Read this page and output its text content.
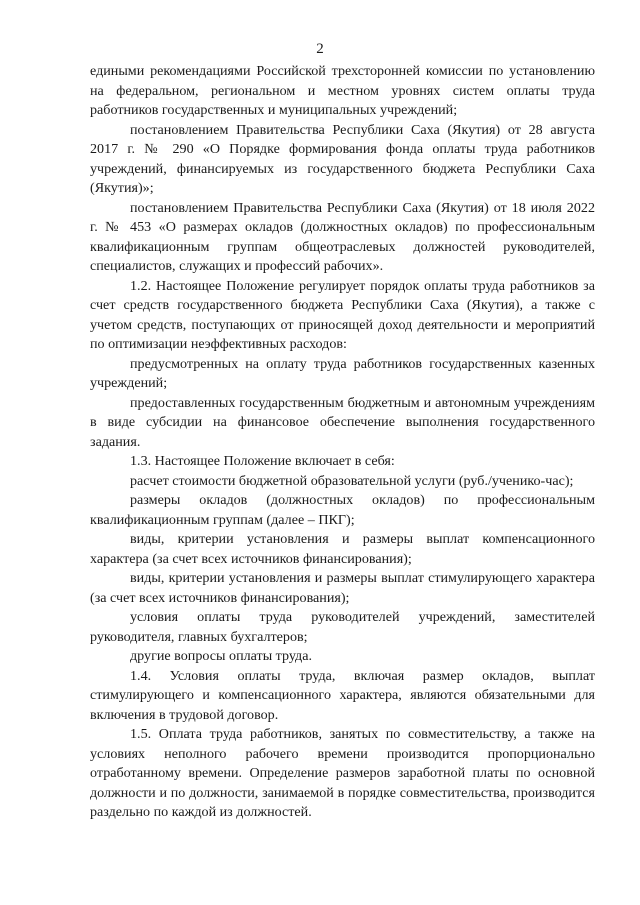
2

едиными рекомендациями Российской трехсторонней комиссии по установлению на федеральном, региональном и местном уровнях систем оплаты труда работников государственных и муниципальных учреждений;

постановлением Правительства Республики Саха (Якутия) от 28 августа 2017 г. № 290 «О Порядке формирования фонда оплаты труда работников учреждений, финансируемых из государственного бюджета Республики Саха (Якутия)»;

постановлением Правительства Республики Саха (Якутия) от 18 июля 2022 г. № 453 «О размерах окладов (должностных окладов) по профессиональным квалификационным группам общеотраслевых должностей руководителей, специалистов, служащих и профессий рабочих».

1.2. Настоящее Положение регулирует порядок оплаты труда работников за счет средств государственного бюджета Республики Саха (Якутия), а также с учетом средств, поступающих от приносящей доход деятельности и мероприятий по оптимизации неэффективных расходов:

предусмотренных на оплату труда работников государственных казенных учреждений;

предоставленных государственным бюджетным и автономным учреждениям в виде субсидии на финансовое обеспечение выполнения государственного задания.

1.3. Настоящее Положение включает в себя:

расчет стоимости бюджетной образовательной услуги (руб./ученико-час);

размеры окладов (должностных окладов) по профессиональным квалификационным группам (далее – ПКГ);

виды, критерии установления и размеры выплат компенсационного характера (за счет всех источников финансирования);

виды, критерии установления и размеры выплат стимулирующего характера (за счет всех источников финансирования);

условия оплаты труда руководителей учреждений, заместителей руководителя, главных бухгалтеров;

другие вопросы оплаты труда.

1.4. Условия оплаты труда, включая размер окладов, выплат стимулирующего и компенсационного характера, являются обязательными для включения в трудовой договор.

1.5. Оплата труда работников, занятых по совместительству, а также на условиях неполного рабочего времени производится пропорционально отработанному времени. Определение размеров заработной платы по основной должности и по должности, занимаемой в порядке совместительства, производится раздельно по каждой из должностей.
